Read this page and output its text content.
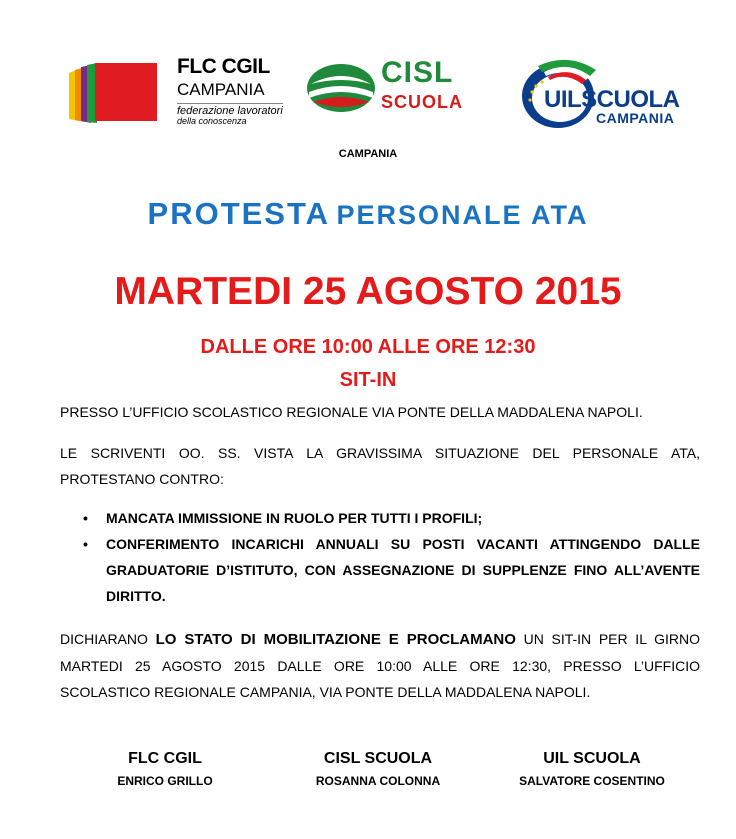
FLC CGIL
CAMPANIA
federazione lavoratori
della conoscenza
CISL
SCUOLA	UILSCUOLA
CAMPANIA
CAMPANIA
PROTESTA PERSONALE ATA
MARTEDI 25 AGOSTO 2015
DALLE ORE 10:00 ALLE ORE 12:30
SIT-IN
PRESSO L’UFFICIO SCOLASTICO REGIONALE VIA PONTE DELLA MADDALENA NAPOLI.
LE SCRIVENTI OO. SS. VISTA LA GRAVISSIMA SITUAZIONE DEL PERSONALE ATA, PROTESTANO CONTRO:
• MANCATA IMMISSIONE IN RUOLO PER TUTTI I PROFILI;
• CONFERIMENTO INCARICHI ANNUALI SU POSTI VACANTI ATTINGENDO DALLE GRADUATORIE D’ISTITUTO, CON ASSEGNAZIONE DI SUPPLENZE FINO ALL’AVENTE DIRITTO.
DICHIARANO LO STATO DI MOBILITAZIONE E PROCLAMANO UN SIT-IN PER IL GIRNO MARTEDI 25 AGOSTO 2015 DALLE ORE 10:00 ALLE ORE 12:30, PRESSO L’UFFICIO SCOLASTICO REGIONALE CAMPANIA, VIA PONTE DELLA MADDALENA NAPOLI.
FLC CGIL
ENRICO GRILLO
CISL SCUOLA
ROSANNA COLONNA
UIL SCUOLA
SALVATORE COSENTINO
